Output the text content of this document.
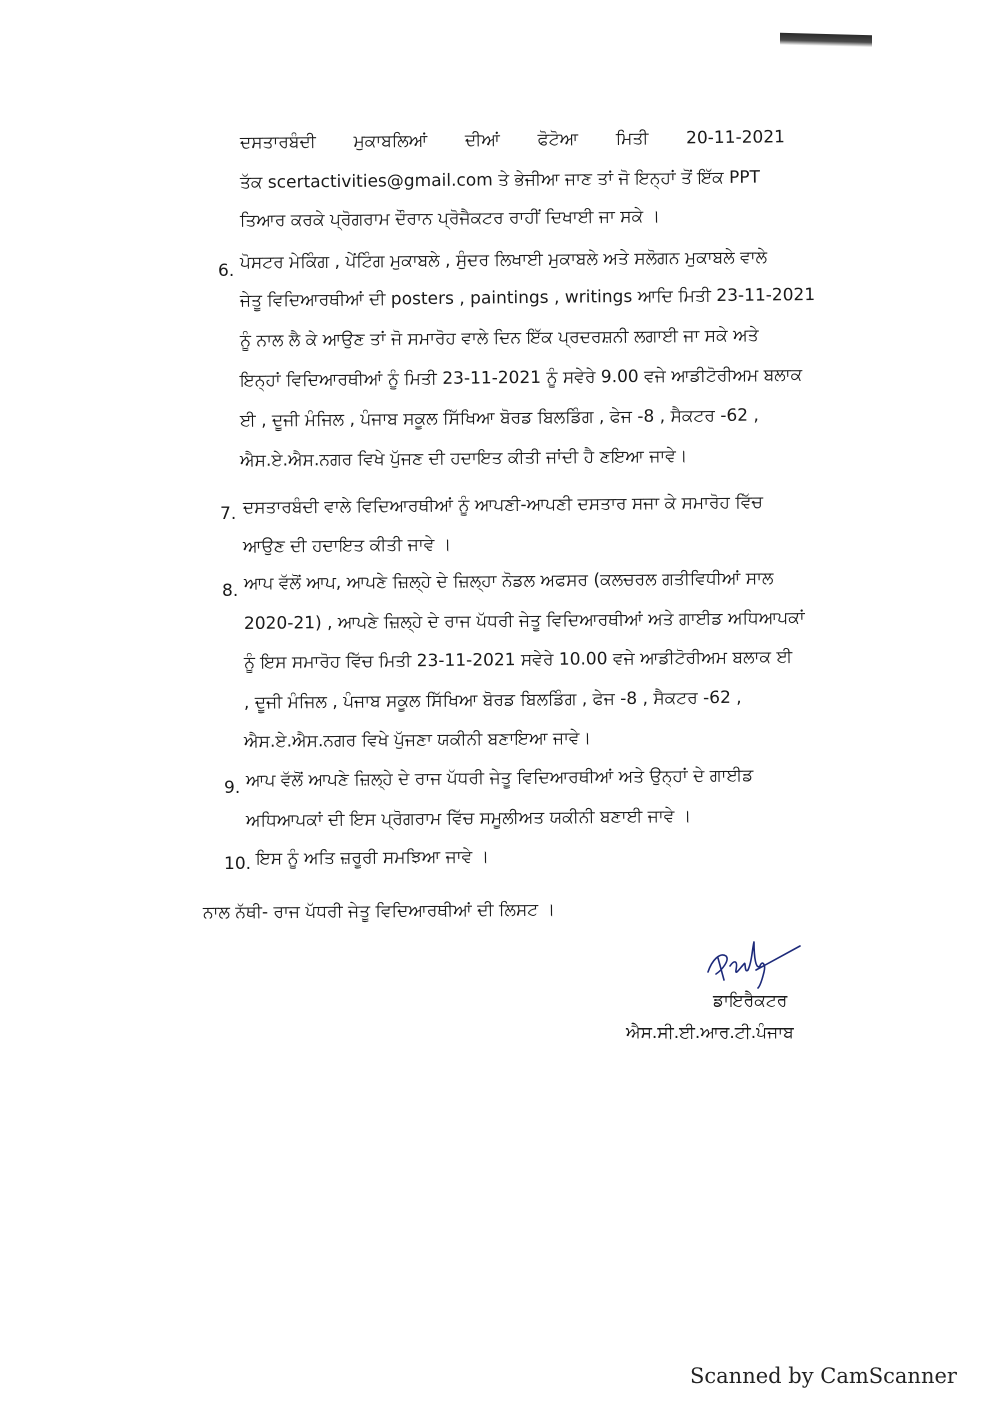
ਦਸਤਾਰਬੰਦੀ ਮੁਕਾਬਲਿਆਂ ਦੀਆਂ ਫੋਟੋਆ ਮਿਤੀ 20-11-2021
ਤੱਕ scertactivities@gmail.com ਤੇ ਭੇਜੀਆ ਜਾਣ ਤਾਂ ਜੋ ਇਨ੍ਹਾਂ ਤੋਂ ਇੱਕ PPT
ਤਿਆਰ ਕਰਕੇ ਪ੍ਰੋਗਰਾਮ ਦੌਰਾਨ ਪ੍ਰੋਜੈਕਟਰ ਰਾਹੀਂ ਦਿਖਾਈ ਜਾ ਸਕੇ ।
6. ਪੋਸਟਰ ਮੇਕਿੰਗ , ਪੇਂਟਿੰਗ ਮੁਕਾਬਲੇ , ਸੁੰਦਰ ਲਿਖਾਈ ਮੁਕਾਬਲੇ ਅਤੇ ਸਲੋਗਨ ਮੁਕਾਬਲੇ ਵਾਲੇ
ਜੇਤੂ ਵਿਦਿਆਰਥੀਆਂ ਦੀ posters , paintings , writings ਆਦਿ ਮਿਤੀ 23-11-2021
ਨੂੰ ਨਾਲ ਲੈ ਕੇ ਆਉਣ ਤਾਂ ਜੋ ਸਮਾਰੋਹ ਵਾਲੇ ਦਿਨ ਇੱਕ ਪ੍ਰਦਰਸ਼ਨੀ ਲਗਾਈ ਜਾ ਸਕੇ ਅਤੇ
ਇਨ੍ਹਾਂ ਵਿਦਿਆਰਥੀਆਂ ਨੂੰ ਮਿਤੀ 23-11-2021 ਨੂੰ ਸਵੇਰੇ 9.00 ਵਜੇ ਆਡੀਟੋਰੀਅਮ ਬਲਾਕ
ਈ , ਦੂਜੀ ਮੰਜਿਲ , ਪੰਜਾਬ ਸਕੂਲ ਸਿੱਖਿਆ ਬੋਰਡ ਬਿਲਡਿੰਗ , ਫੇਜ -8 , ਸੈਕਟਰ -62 ,
ਐਸ.ਏ.ਐਸ.ਨਗਰ ਵਿਖੇ ਪੁੱਜਣ ਦੀ ਹਦਾਇਤ ਕੀਤੀ ਜਾਂਦੀ ਹੈ ਣਇਆ ਜਾਵੇ।
7. ਦਸਤਾਰਬੰਦੀ ਵਾਲੇ ਵਿਦਿਆਰਥੀਆਂ ਨੂੰ ਆਪਣੀ-ਆਪਣੀ ਦਸਤਾਰ ਸਜਾ ਕੇ ਸਮਾਰੋਹ ਵਿੱਚ
ਆਉਣ ਦੀ ਹਦਾਇਤ ਕੀਤੀ ਜਾਵੇ ।
8. ਆਪ ਵੱਲੋਂ ਆਪ, ਆਪਣੇ ਜ਼ਿਲ੍ਹੇ ਦੇ ਜ਼ਿਲ੍ਹਾ ਨੋਡਲ ਅਫਸਰ (ਕਲਚਰਲ ਗਤੀਵਿਧੀਆਂ ਸਾਲ
2020-21) , ਆਪਣੇ ਜ਼ਿਲ੍ਹੇ ਦੇ ਰਾਜ ਪੱਧਰੀ ਜੇਤੂ ਵਿਦਿਆਰਥੀਆਂ ਅਤੇ ਗਾਈਡ ਅਧਿਆਪਕਾਂ
ਨੂੰ ਇਸ ਸਮਾਰੋਹ ਵਿੱਚ ਮਿਤੀ 23-11-2021 ਸਵੇਰੇ 10.00 ਵਜੇ ਆਡੀਟੋਰੀਅਮ ਬਲਾਕ ਈ
, ਦੂਜੀ ਮੰਜਿਲ , ਪੰਜਾਬ ਸਕੂਲ ਸਿੱਖਿਆ ਬੋਰਡ ਬਿਲਡਿੰਗ , ਫੇਜ -8 , ਸੈਕਟਰ -62 ,
ਐਸ.ਏ.ਐਸ.ਨਗਰ ਵਿਖੇ ਪੁੱਜਣਾ ਯਕੀਨੀ ਬਣਾਇਆ ਜਾਵੇ।
9. ਆਪ ਵੱਲੋਂ ਆਪਣੇ ਜ਼ਿਲ੍ਹੇ ਦੇ ਰਾਜ ਪੱਧਰੀ ਜੇਤੂ ਵਿਦਿਆਰਥੀਆਂ ਅਤੇ ਉਨ੍ਹਾਂ ਦੇ ਗਾਈਡ
ਅਧਿਆਪਕਾਂ ਦੀ ਇਸ ਪ੍ਰੋਗਰਾਮ ਵਿੱਚ ਸਮੂਲੀਅਤ ਯਕੀਨੀ ਬਣਾਈ ਜਾਵੇ ।
10. ਇਸ ਨੂੰ ਅਤਿ ਜ਼ਰੂਰੀ ਸਮਝਿਆ ਜਾਵੇ ।
ਨਾਲ ਨੱਥੀ- ਰਾਜ ਪੱਧਰੀ ਜੇਤੂ ਵਿਦਿਆਰਥੀਆਂ ਦੀ ਲਿਸਟ ।
ਡਾਇਰੈਕਟਰ
ਐਸ.ਸੀ.ਈ.ਆਰ.ਟੀ.ਪੰਜਾਬ
Scanned by CamScanner
